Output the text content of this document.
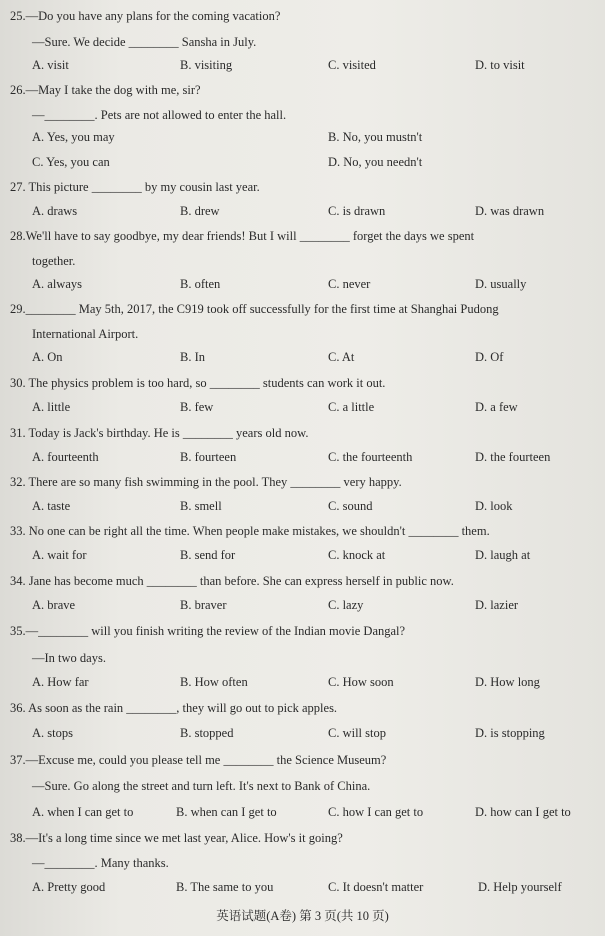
25.—Do you have any plans for the coming vacation?
—Sure. We decide ________ Sansha in July.
A. visit	B. visiting	C. visited	D. to visit
26.—May I take the dog with me, sir?
—________. Pets are not allowed to enter the hall.
A. Yes, you may	B. No, you mustn't
C. Yes, you can	D. No, you needn't
27. This picture ________ by my cousin last year.
A. draws	B. drew	C. is drawn	D. was drawn
28.We'll have to say goodbye, my dear friends! But I will ________ forget the days we spent
together.
A. always	B. often	C. never	D. usually
29.________ May 5th, 2017, the C919 took off successfully for the first time at Shanghai Pudong
International Airport.
A. On	B. In	C. At	D. Of
30. The physics problem is too hard, so ________ students can work it out.
A. little	B. few	C. a little	D. a few
31. Today is Jack's birthday. He is ________ years old now.
A. fourteenth	B. fourteen	C. the fourteenth	D. the fourteen
32. There are so many fish swimming in the pool. They ________ very happy.
A. taste	B. smell	C. sound	D. look
33. No one can be right all the time. When people make mistakes, we shouldn't ________ them.
A. wait for	B. send for	C. knock at	D. laugh at
34. Jane has become much ________ than before. She can express herself in public now.
A. brave	B. braver	C. lazy	D. lazier
35.—________ will you finish writing the review of the Indian movie Dangal?
—In two days.
A. How far	B. How often	C. How soon	D. How long
36. As soon as the rain ________, they will go out to pick apples.
A. stops	B. stopped	C. will stop	D. is stopping
37.—Excuse me, could you please tell me ________ the Science Museum?
—Sure. Go along the street and turn left. It's next to Bank of China.
A. when I can get to	B. when can I get to	C. how I can get to	D. how can I get to
38.—It's a long time since we met last year, Alice. How's it going?
—________. Many thanks.
A. Pretty good	B. The same to you	C. It doesn't matter	D. Help yourself
英语试题(A卷) 第 3 页(共 10 页)
